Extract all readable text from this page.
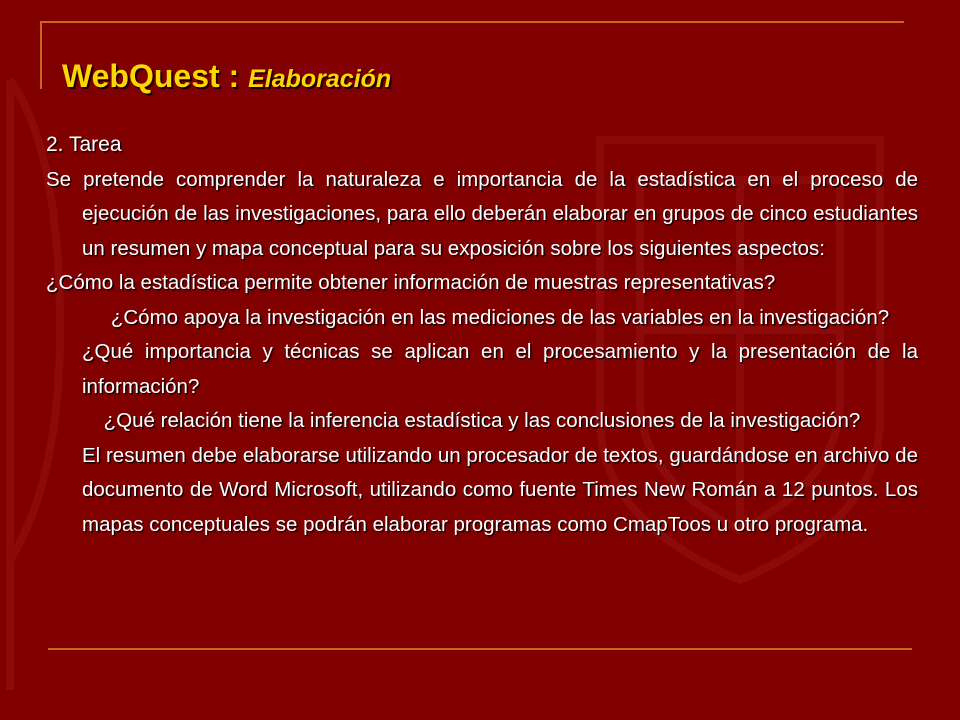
WebQuest : Elaboración

2. Tarea

Se pretende comprender la naturaleza e importancia de la estadística en el proceso de ejecución de las investigaciones, para ello deberán elaborar en grupos de cinco estudiantes un resumen y mapa conceptual para su exposición sobre los siguientes aspectos:

¿Cómo la estadística permite obtener información de muestras representativas?

¿Cómo apoya la investigación en las mediciones de las variables en la investigación?

¿Qué importancia y técnicas se aplican en el procesamiento y la presentación de la información?

¿Qué relación tiene la inferencia estadística y las conclusiones de la investigación?

El resumen debe elaborarse utilizando un procesador de textos, guardándose en archivo de documento de Word Microsoft, utilizando como fuente Times New Román a 12 puntos. Los mapas conceptuales se podrán elaborar programas como CmapToos u otro programa.
